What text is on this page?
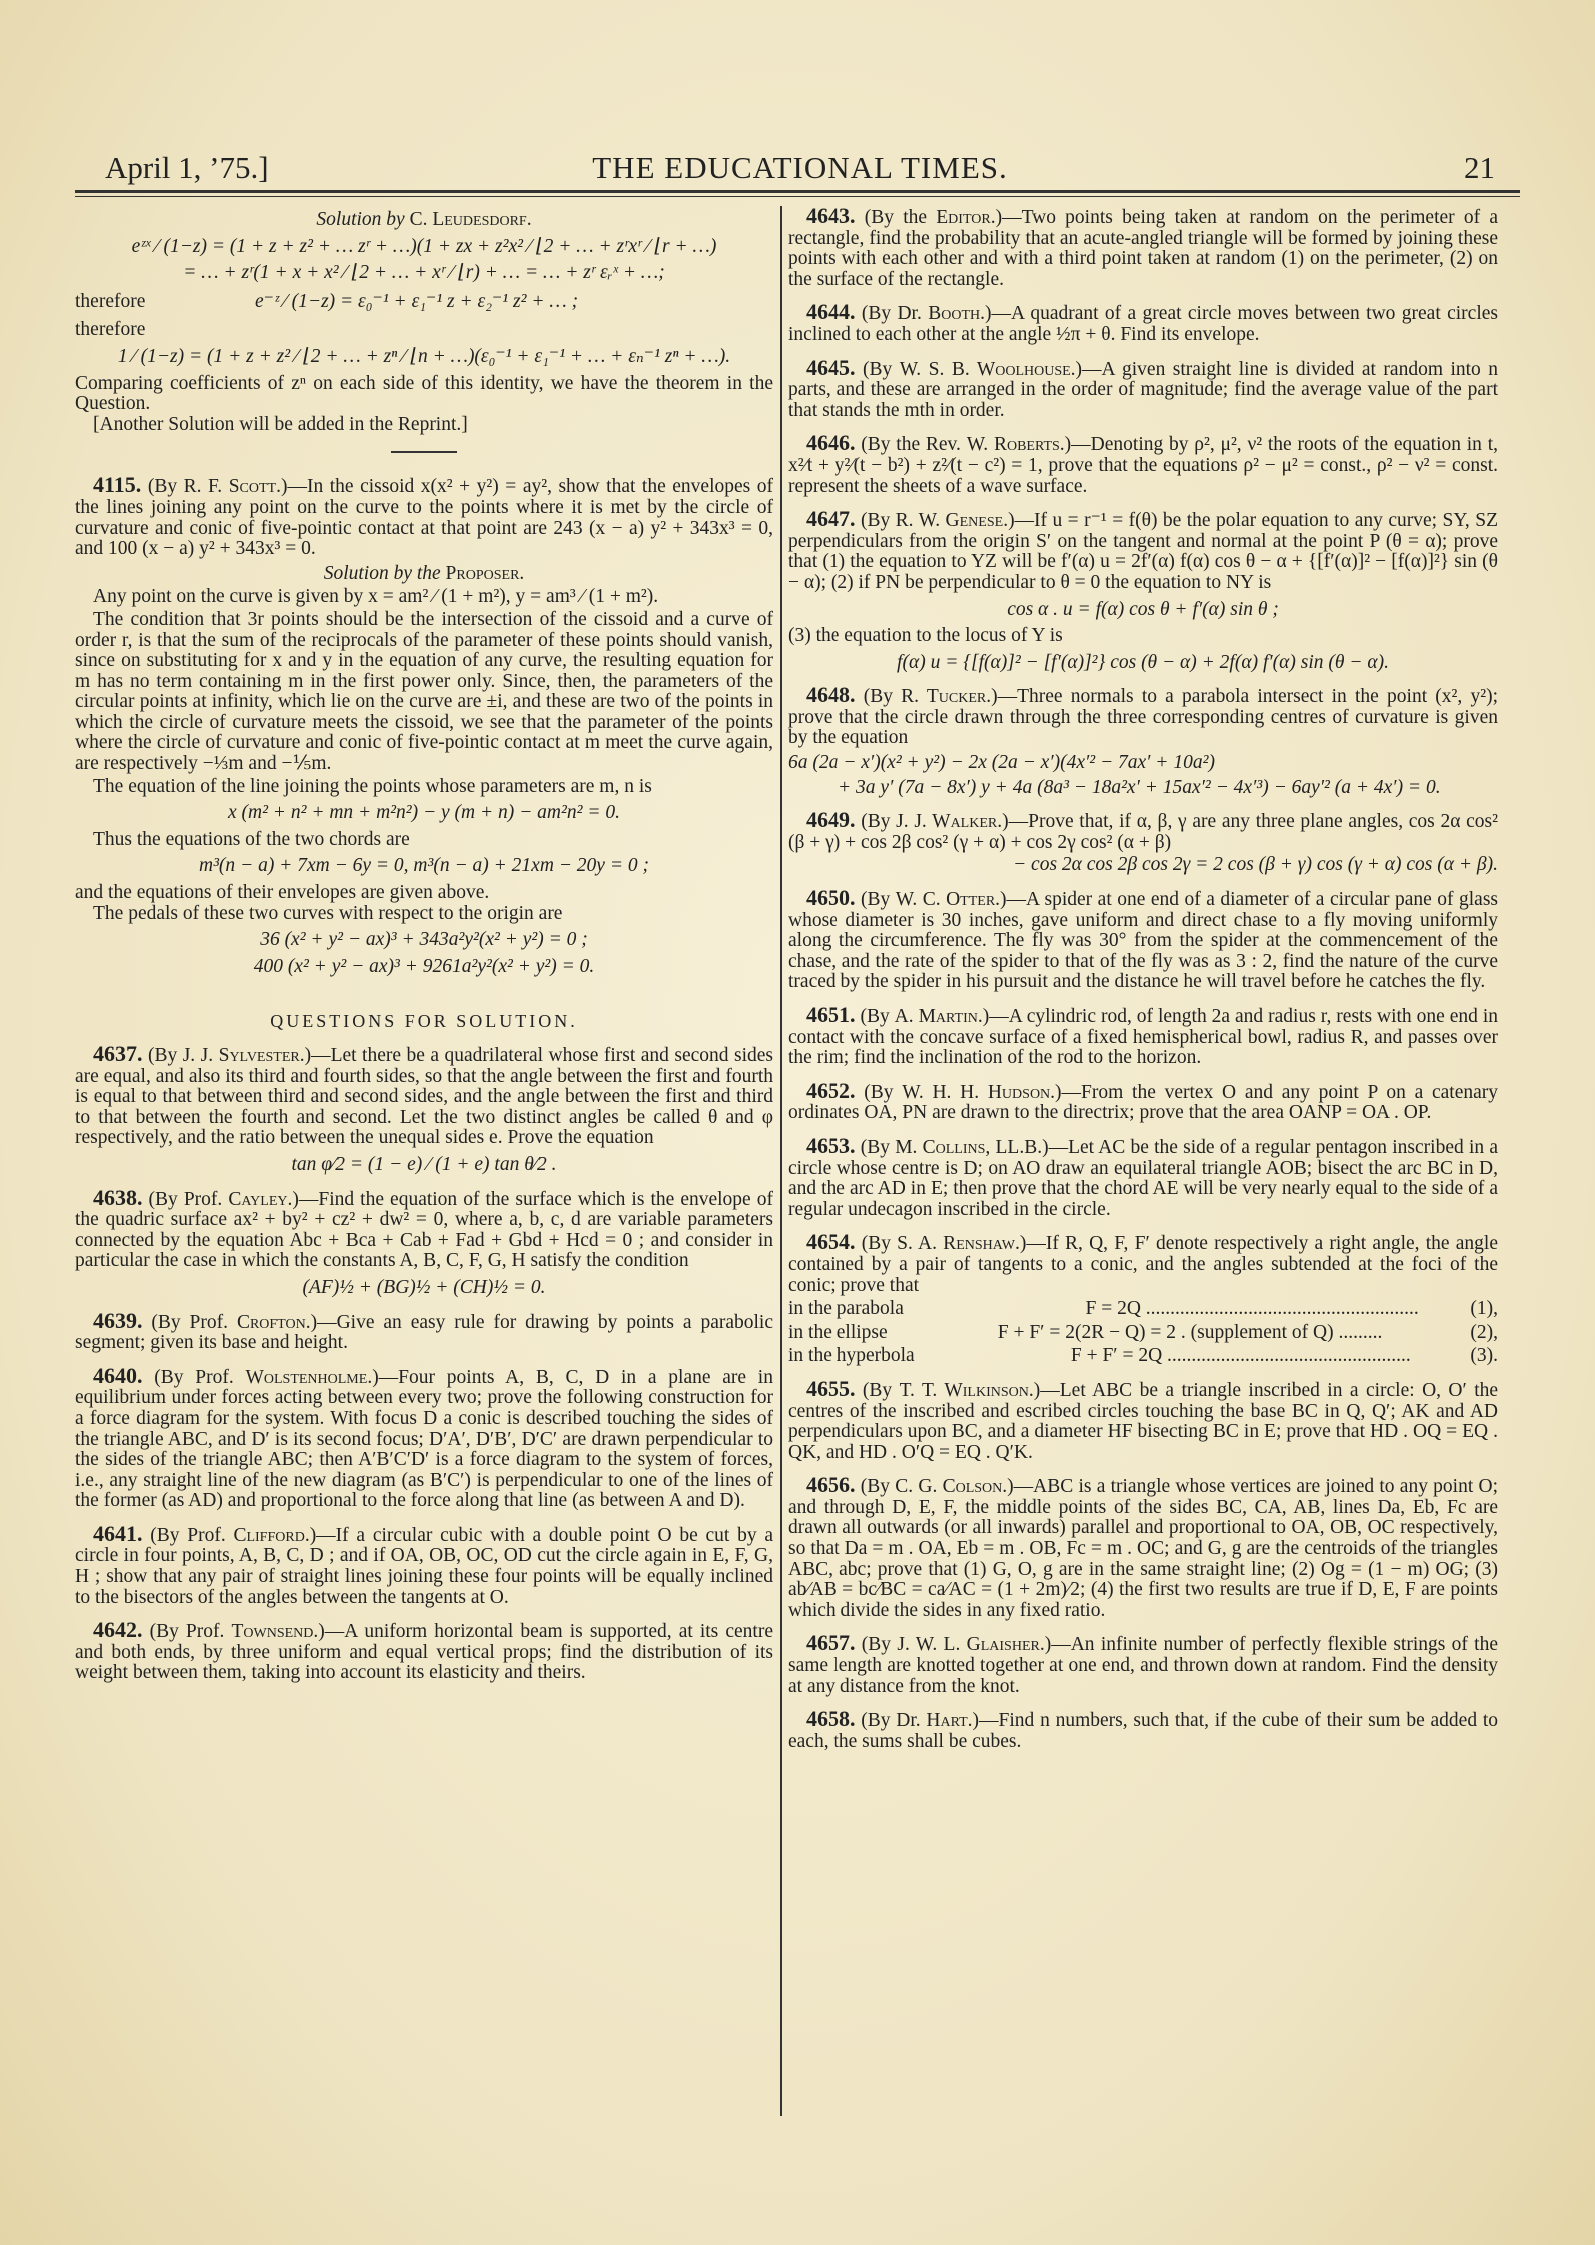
April 1, ’75.]	THE EDUCATIONAL TIMES.	21
Solution by C. Leudesdorf.
eᶻˣ ⁄ (1−z) = (1 + z + z² + … zʳ + …)(1 + zx + z²x² ⁄ ⌊2 + … + zʳxʳ ⁄ ⌊r + …)
= … + zʳ(1 + x + x² ⁄ ⌊2 + … + xʳ ⁄ ⌊r) + … = … + zʳ εᵣˣ + …;
therefore	e⁻ᶻ ⁄ (1−z) = ε₀⁻¹ + ε₁⁻¹ z + ε₂⁻¹ z² + … ;
therefore
1 ⁄ (1−z) = (1 + z + z² ⁄ ⌊2 + … + zⁿ ⁄ ⌊n + …)(ε₀⁻¹ + ε₁⁻¹ + … + εₙ⁻¹ zⁿ + …).
Comparing coefficients of zⁿ on each side of this identity, we have the theorem in the Question.
[Another Solution will be added in the Reprint.]
4115. (By R. F. Scott.)—In the cissoid x(x² + y²) = ay², show that the envelopes of the lines joining any point on the curve to the points where it is met by the circle of curvature and conic of five-pointic contact at that point are 243 (x − a) y² + 343x³ = 0, and 100 (x − a) y² + 343x³ = 0.
Solution by the Proposer.
Any point on the curve is given by x = am² ⁄ (1 + m²), y = am³ ⁄ (1 + m²).
The condition that 3r points should be the intersection of the cissoid and a curve of order r, is that the sum of the reciprocals of the parameter of these points should vanish, since on substituting for x and y in the equation of any curve, the resulting equation for m has no term containing m in the first power only. Since, then, the parameters of the circular points at infinity, which lie on the curve are ±i, and these are two of the points in which the circle of curvature meets the cissoid, we see that the parameter of the points where the circle of curvature and conic of five-pointic contact at m meet the curve again, are respectively −⅓m and −⅕m.
The equation of the line joining the points whose parameters are m, n is
x (m² + n² + mn + m²n²) − y (m + n) − am²n² = 0.
Thus the equations of the two chords are
m³(n − a) + 7xm − 6y = 0, m³(n − a) + 21xm − 20y = 0 ;
and the equations of their envelopes are given above.
The pedals of these two curves with respect to the origin are
36 (x² + y² − ax)³ + 343a²y²(x² + y²) = 0 ;
400 (x² + y² − ax)³ + 9261a²y²(x² + y²) = 0.
QUESTIONS FOR SOLUTION.
4637. (By J. J. Sylvester.)—Let there be a quadrilateral whose first and second sides are equal, and also its third and fourth sides, so that the angle between the first and fourth is equal to that between third and second sides, and the angle between the first and third to that between the fourth and second. Let the two distinct angles be called θ and φ respectively, and the ratio between the unequal sides e. Prove the equation
tan φ⁄2 = (1 − e) ⁄ (1 + e) tan θ⁄2 .
4638. (By Prof. Cayley.)—Find the equation of the surface which is the envelope of the quadric surface ax² + by² + cz² + dw² = 0, where a, b, c, d are variable parameters connected by the equation Abc + Bca + Cab + Fad + Gbd + Hcd = 0 ; and consider in particular the case in which the constants A, B, C, F, G, H satisfy the condition
(AF)½ + (BG)½ + (CH)½ = 0.
4639. (By Prof. Crofton.)—Give an easy rule for drawing by points a parabolic segment; given its base and height.
4640. (By Prof. Wolstenholme.)—Four points A, B, C, D in a plane are in equilibrium under forces acting between every two; prove the following construction for a force diagram for the system. With focus D a conic is described touching the sides of the triangle ABC, and D′ is its second focus; D′A′, D′B′, D′C′ are drawn perpendicular to the sides of the triangle ABC; then A′B′C′D′ is a force diagram to the system of forces, i.e., any straight line of the new diagram (as B′C′) is perpendicular to one of the lines of the former (as AD) and proportional to the force along that line (as between A and D).
4641. (By Prof. Clifford.)—If a circular cubic with a double point O be cut by a circle in four points, A, B, C, D ; and if OA, OB, OC, OD cut the circle again in E, F, G, H ; show that any pair of straight lines joining these four points will be equally inclined to the bisectors of the angles between the tangents at O.
4642. (By Prof. Townsend.)—A uniform horizontal beam is supported, at its centre and both ends, by three uniform and equal vertical props; find the distribution of its weight between them, taking into account its elasticity and theirs.
4643. (By the Editor.)—Two points being taken at random on the perimeter of a rectangle, find the probability that an acute-angled triangle will be formed by joining these points with each other and with a third point taken at random (1) on the perimeter, (2) on the surface of the rectangle.
4644. (By Dr. Booth.)—A quadrant of a great circle moves between two great circles inclined to each other at the angle ½π + θ. Find its envelope.
4645. (By W. S. B. Woolhouse.)—A given straight line is divided at random into n parts, and these are arranged in the order of magnitude; find the average value of the part that stands the mth in order.
4646. (By the Rev. W. Roberts.)—Denoting by ρ², μ², ν² the roots of the equation in t, x²⁄t + y²⁄(t − b²) + z²⁄(t − c²) = 1, prove that the equations ρ² − μ² = const., ρ² − ν² = const. represent the sheets of a wave surface.
4647. (By R. W. Genese.)—If u = r⁻¹ = f(θ) be the polar equation to any curve; SY, SZ perpendiculars from the origin S′ on the tangent and normal at the point P (θ = α); prove that (1) the equation to YZ will be f′(α) u = 2f′(α) f(α) cos θ − α + {[f′(α)]² − [f(α)]²} sin (θ − α); (2) if PN be perpendicular to θ = 0 the equation to NY is
cos α . u = f(α) cos θ + f′(α) sin θ ;
(3) the equation to the locus of Y is
f(α) u = {[f(α)]² − [f′(α)]²} cos (θ − α) + 2f(α) f′(α) sin (θ − α).
4648. (By R. Tucker.)—Three normals to a parabola intersect in the point (x², y²); prove that the circle drawn through the three corresponding centres of curvature is given by the equation
6a (2a − x′)(x² + y²) − 2x (2a − x′)(4x′² − 7ax′ + 10a²)
+ 3a y′ (7a − 8x′) y + 4a (8a³ − 18a²x′ + 15ax′² − 4x′³) − 6ay′² (a + 4x′) = 0.
4649. (By J. J. Walker.)—Prove that, if α, β, γ are any three plane angles, cos 2α cos² (β + γ) + cos 2β cos² (γ + α) + cos 2γ cos² (α + β)
− cos 2α cos 2β cos 2γ = 2 cos (β + γ) cos (γ + α) cos (α + β).
4650. (By W. C. Otter.)—A spider at one end of a diameter of a circular pane of glass whose diameter is 30 inches, gave uniform and direct chase to a fly moving uniformly along the circumference. The fly was 30° from the spider at the commencement of the chase, and the rate of the spider to that of the fly was as 3 : 2, find the nature of the curve traced by the spider in his pursuit and the distance he will travel before he catches the fly.
4651. (By A. Martin.)—A cylindric rod, of length 2a and radius r, rests with one end in contact with the concave surface of a fixed hemispherical bowl, radius R, and passes over the rim; find the inclination of the rod to the horizon.
4652. (By W. H. H. Hudson.)—From the vertex O and any point P on a catenary ordinates OA, PN are drawn to the directrix; prove that the area OANP = OA . OP.
4653. (By M. Collins, LL.B.)—Let AC be the side of a regular pentagon inscribed in a circle whose centre is D; on AO draw an equilateral triangle AOB; bisect the arc BC in D, and the arc AD in E; then prove that the chord AE will be very nearly equal to the side of a regular undecagon inscribed in the circle.
4654. (By S. A. Renshaw.)—If R, Q, F, F′ denote respectively a right angle, the angle contained by a pair of tangents to a conic, and the angles subtended at the foci of the conic; prove that
in the parabola	F = 2Q ........................................................	(1),
in the ellipse	F + F′ = 2(2R − Q) = 2 . (supplement of Q) .........	(2),
in the hyperbola	F + F′ = 2Q ..................................................	(3).
4655. (By T. T. Wilkinson.)—Let ABC be a triangle inscribed in a circle: O, O′ the centres of the inscribed and escribed circles touching the base BC in Q, Q′; AK and AD perpendiculars upon BC, and a diameter HF bisecting BC in E; prove that HD . OQ = EQ . QK, and HD . O′Q = EQ . Q′K.
4656. (By C. G. Colson.)—ABC is a triangle whose vertices are joined to any point O; and through D, E, F, the middle points of the sides BC, CA, AB, lines Da, Eb, Fc are drawn all outwards (or all inwards) parallel and proportional to OA, OB, OC respectively, so that Da = m . OA, Eb = m . OB, Fc = m . OC; and G, g are the centroids of the triangles ABC, abc; prove that (1) G, O, g are in the same straight line; (2) Og = (1 − m) OG; (3) ab⁄AB = bc⁄BC = ca⁄AC = (1 + 2m)⁄2; (4) the first two results are true if D, E, F are points which divide the sides in any fixed ratio.
4657. (By J. W. L. Glaisher.)—An infinite number of perfectly flexible strings of the same length are knotted together at one end, and thrown down at random. Find the density at any distance from the knot.
4658. (By Dr. Hart.)—Find n numbers, such that, if the cube of their sum be added to each, the sums shall be cubes.
